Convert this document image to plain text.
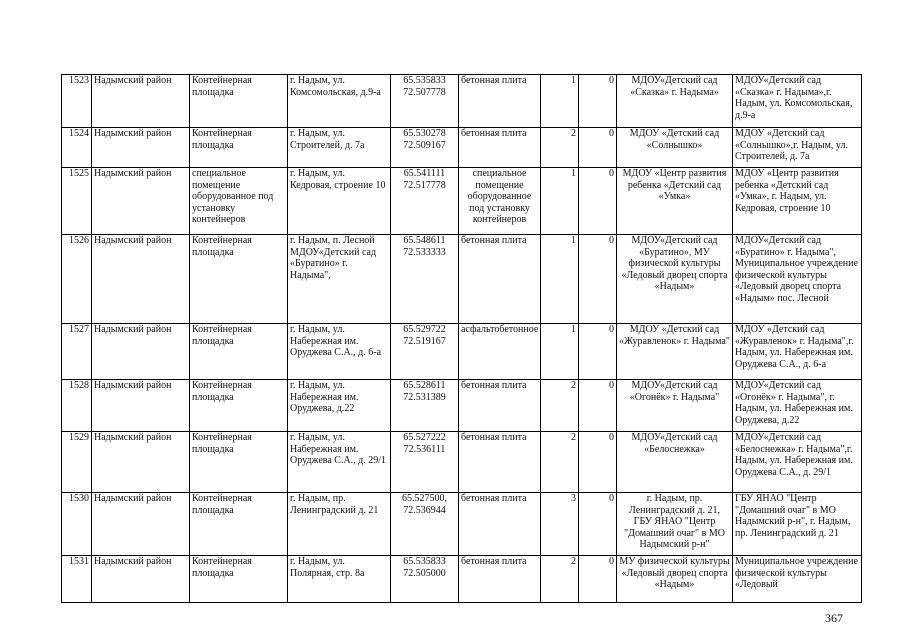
1523	Надымский район	Контейнерная площадка	г. Надым, ул. Комсомольская, д.9-а	65.535833 72.507778	бетонная плита	1	0	МДОУ«Детский сад «Сказка» г. Надыма»	МДОУ«Детский сад «Сказка» г. Надыма»,г. Надым, ул. Комсомольская, д.9-а
1524	Надымский район	Контейнерная площадка	г. Надым, ул. Строителей, д. 7а	65.530278 72.509167	бетонная плита	2	0	МДОУ «Детский сад «Солнышко»	МДОУ «Детский сад «Солнышко»,г. Надым, ул. Строителей, д. 7а
1525	Надымский район	специальное помещение оборудованное под установку контейнеров	г. Надым, ул. Кедровая, строение 10	65.541111 72.517778	специальное помещение оборудованное под установку контейнеров	1	0	МДОУ «Центр развития ребенка «Детский сад «Умка»	МДОУ «Центр развития ребенка «Детский сад «Умка», г. Надым, ул. Кедровая, строение 10
1526	Надымский район	Контейнерная площадка	г. Надым, п. Лесной МДОУ«Детский сад «Буратино» г. Надыма",	65.548611 72.533333	бетонная плита	1	0	МДОУ«Детский сад «Буратино», МУ физической культуры «Ледовый дворец спорта «Надым»	МДОУ«Детский сад «Буратино» г. Надыма", Муниципальное учреждение физической культуры «Ледовый дворец спорта «Надым» пос. Лесной
1527	Надымский район	Контейнерная площадка	г. Надым, ул. Набережная им. Оруджева С.А., д. 6-а	65.529722 72.519167	асфальтобетонное	1	0	МДОУ «Детский сад «Журавленок» г. Надыма"	МДОУ «Детский сад «Журавленок» г. Надыма",г. Надым, ул. Набережная им. Оруджева С.А., д. 6-а
1528	Надымский район	Контейнерная площадка	г. Надым, ул. Набережная им. Оруджева, д.22	65.528611 72.531389	бетонная плита	2	0	МДОУ«Детский сад «Огонёк» г. Надыма"	МДОУ«Детский сад «Огонёк» г. Надыма", г. Надым, ул. Набережная им. Оруджева, д.22
1529	Надымский район	Контейнерная площадка	г. Надым, ул. Набережная им. Оруджева С.А., д. 29/1	65.527222 72.536111	бетонная плита	2	0	МДОУ«Детский сад «Белоснежка»	МДОУ«Детский сад «Белоснежка» г. Надыма",г. Надым, ул. Набережная им. Оруджева С.А., д. 29/1
1530	Надымский район	Контейнерная площадка	г. Надым, пр. Ленинградский д. 21	65.527500, 72.536944	бетонная плита	3	0	г. Надым, пр. Ленинградский д. 21, ГБУ ЯНАО "Центр "Домашний очаг" в МО Надымский р-н"	ГБУ ЯНАО "Центр "Домашний очаг" в МО Надымский р-н", г. Надым, пр. Ленинградский д. 21
1531	Надымский район	Контейнерная площадка	г. Надым, ул. Полярная, стр. 8а	65.535833 72.505000	бетонная плита	2	0	МУ физической культуры «Ледовый дворец спорта «Надым»	Муниципальное учреждение физической культуры «Ледовый
367
